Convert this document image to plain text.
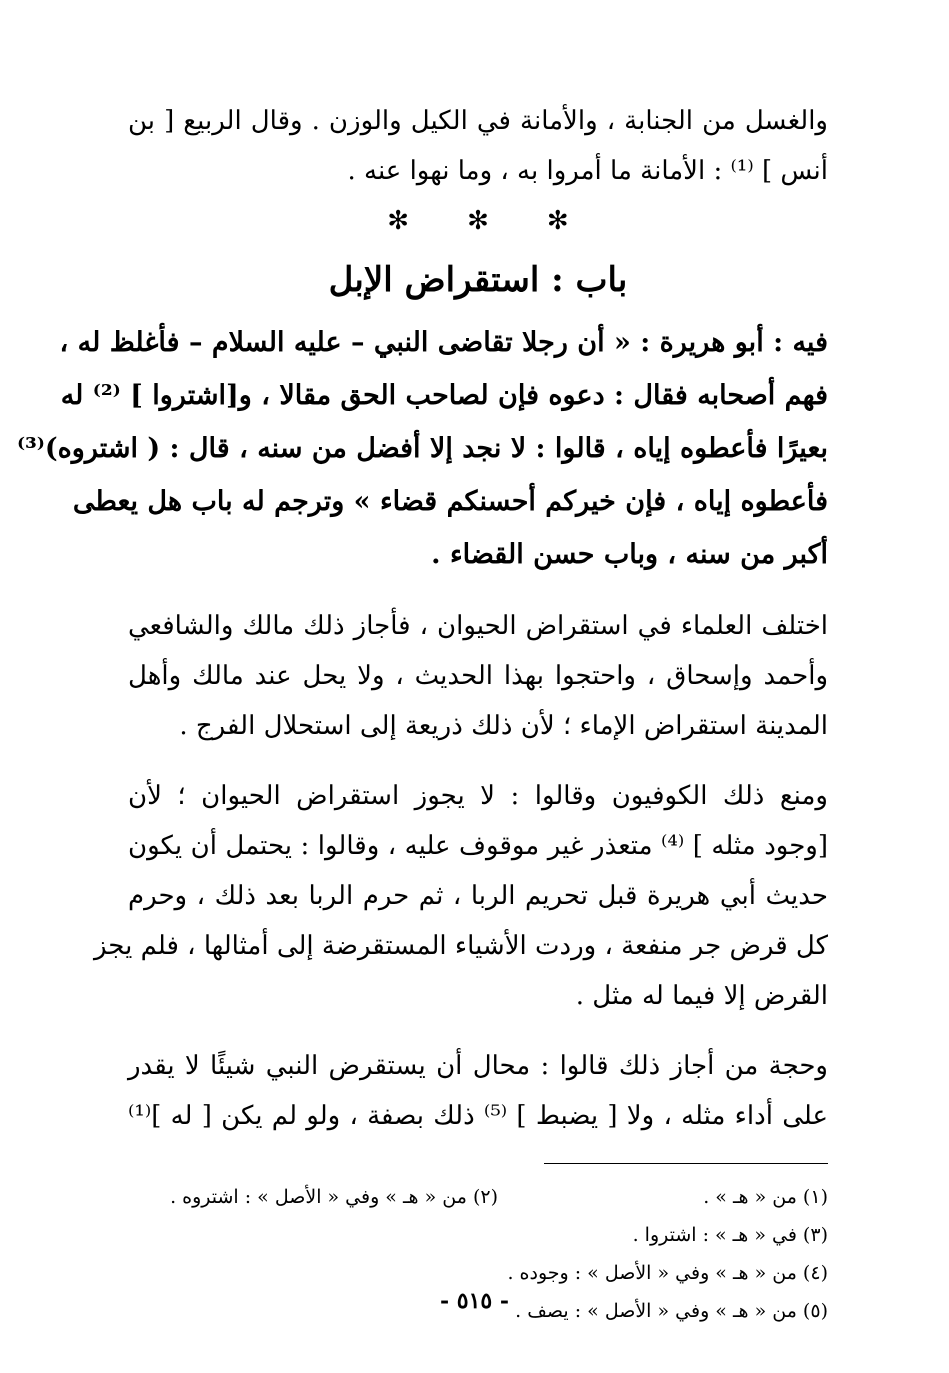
والغسل من الجنابة ، والأمانة في الكيل والوزن . وقال الربيع [ بن
أنس ] ⁽¹⁾ : الأمانة ما أمروا به ، وما نهوا عنه .
✻ ✻ ✻
باب : استقراض الإبل
فيه : أبو هريرة : « أن رجلا تقاضى النبي – عليه السلام – فأغلظ له ،
فهم أصحابه فقال : دعوه فإن لصاحب الحق مقالا ، و[اشتروا ] ⁽²⁾ له
بعيرًا فأعطوه إياه ، قالوا : لا نجد إلا أفضل من سنه ، قال : ( اشتروه)⁽³⁾
فأعطوه إياه ، فإن خيركم أحسنكم قضاء » وترجم له باب هل يعطى
أكبر من سنه ، وباب حسن القضاء .
اختلف العلماء في استقراض الحيوان ، فأجاز ذلك مالك والشافعي
وأحمد وإسحاق ، واحتجوا بهذا الحديث ، ولا يحل عند مالك وأهل
المدينة استقراض الإماء ؛ لأن ذلك ذريعة إلى استحلال الفرج .
ومنع ذلك الكوفيون وقالوا : لا يجوز استقراض الحيوان ؛ لأن
[وجود مثله ] ⁽⁴⁾ متعذر غير موقوف عليه ، وقالوا : يحتمل أن يكون
حديث أبي هريرة قبل تحريم الربا ، ثم حرم الربا بعد ذلك ، وحرم
كل قرض جر منفعة ، وردت الأشياء المستقرضة إلى أمثالها ، فلم يجز
القرض إلا فيما له مثل .
وحجة من أجاز ذلك قالوا : محال أن يستقرض النبي شيئًا لا يقدر
على أداء مثله ، ولا [ يضبط ] ⁽⁵⁾ ذلك بصفة ، ولو لم يكن [ له ]⁽¹⁾
(١) من « هـ » .
(٢) من « هـ » وفي « الأصل » : اشتروه .
(٣) في « هـ » : اشتروا .
(٤) من « هـ » وفي « الأصل » : وجوده .
(٥) من « هـ » وفي « الأصل » : يصف .
- ٥١٥ -
